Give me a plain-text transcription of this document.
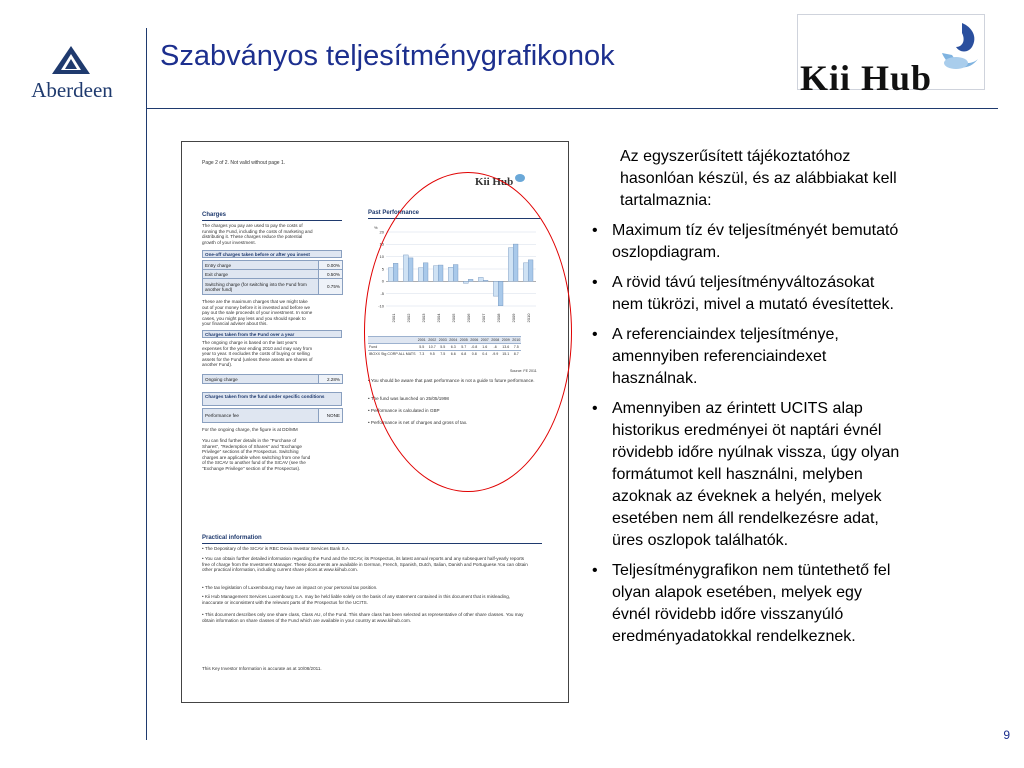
Aberdeen
Szabványos teljesítménygrafikonok
Kii Hub
Page 2 of 2. Not valid without page 1.
Kii Hub
Charges
The charges you pay are used to pay the costs of
running the Fund, including the costs of marketing and
distributing it. These charges reduce the potential
growth of your investment.
One-off charges taken before or after you invest
Entry charge	0.00%
Exit charge	0.50%
Switching charge (for switching into the Fund from another fund)	0.75%
These are the maximum charges that we might take
out of your money before it is invested and before we
pay out the sale proceeds of your investment. In some
cases, you might pay less and you should speak to
your financial adviser about this.
Charges taken from the Fund over a year
The ongoing charge is based on the last year's
expenses for the year ending 2010 and may vary from
year to year. It excludes the costs of buying or selling
assets for the Fund (unless these assets are shares of
another Fund).
Ongoing charge	2.28%
Charges taken from the fund under specific conditions
Performance fee	NONE
For the ongoing charge, the figure is at DD/MM
You can find further details in the "Purchase of
Shares", "Redemption of Shares" and "Exchange
Privilege" sections of the Prospectus. Switching
charges are applicable when switching from one fund
of the SICAV to another fund of the SICAV (see the
"Exchange Privilege" section of the Prospectus).
Past Performance
%
20
15
10
5
0
-5
-10
2001	2002	2003	2004	2005	2006	2007	2008	2009	2010
	2001	2002	2003	2004	2005	2006	2007	2008	2009	2010
Fund	5.5	10.7	5.5	6.3	5.7	-0.8	1.6	-6	13.6	7.5
IBOXX Stg CORP ALL MATS	7.3	9.5	7.5	6.6	6.8	0.8	0.4	-9.9	15.1	8.7
Source: FE 2011
• You should be aware that past performance is not a guide to future performance.
• The fund was launched on 25/05/1998
• Performance is calculated in GBP
• Performance is net of charges and gross of tax.
Practical information
• The Depositary of the SICAV is RBC Dexia Investor Services Bank S.A.
• You can obtain further detailed information regarding the Fund and the SICAV, its Prospectus, its latest annual reports and any subsequent half-yearly reports free of charge from the Investment Manager. These documents are available in German, French, Spanish, Dutch, Italian, Danish and Portuguese.You can obtain other practical information, including current share prices at www.kiihub.com.
• The tax legislation of Luxembourg may have an impact on your personal tax position.
• Kii Hub Management Services Luxembourg S.A. may be held liable solely on the basis of any statement contained in this document that is misleading, inaccurate or inconsistent with the relevant parts of the Prospectus for the UCITS.
• This document describes only one share class, Class AU, of the Fund. This share class has been selected as representative of other share classes. You may obtain information on share classes of the Fund which are available in your country at www.kiihub.com.
This Key Investor Information is accurate as at 10/08/2011.
Az egyszerűsített tájékoztatóhoz
hasonlóan készül, és az alábbiakat kell
tartalmaznia:
• Maximum tíz év teljesítményét bemutató
oszlopdiagram.
• A rövid távú teljesítményváltozásokat
nem tükrözi, mivel a mutató évesítettek.
• A referenciaindex teljesítménye,
amennyiben referenciaindexet
használnak.
• Amennyiben az érintett UCITS alap
historikus eredményei öt naptári évnél
rövidebb időre nyúlnak vissza, úgy olyan
formátumot kell használni, melyben
azoknak az éveknek a helyén, melyek
esetében nem áll rendelkezésre adat,
üres oszlopok találhatók.
• Teljesítménygrafikon nem tüntethető fel
olyan alapok esetében, melyek egy
évnél rövidebb időre visszanyúló
eredményadatokkal rendelkeznek.
9
